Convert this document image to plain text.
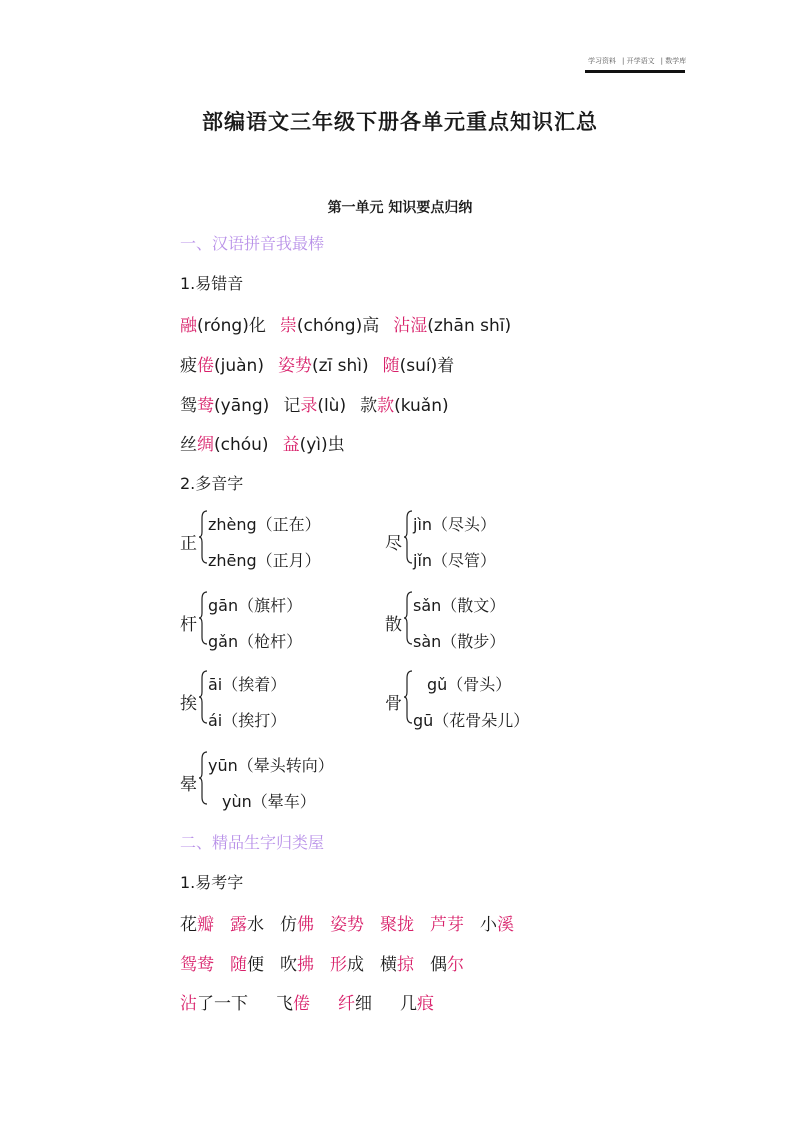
学习资料 | 开学语文 | 数学库
部编语文三年级下册各单元重点知识汇总
第一单元 知识要点归纳
一、汉语拼音我最棒
1.易错音
融(róng)化 崇(chóng)高 沾湿(zhān shī)
疲倦(juàn) 姿势(zī shì) 随(suí)着
鸳鸯(yāng) 记录(lù) 款款(kuǎn)
丝绸(chóu) 益(yì)虫
2.多音字
正
zhèng（正在）
zhēng（正月）
尽
jìn（尽头）
jǐn（尽管）
杆
gān（旗杆）
gǎn（枪杆）
散
sǎn（散文）
sàn（散步）
挨
āi（挨着）
ái（挨打）
骨
gǔ（骨头）
gū（花骨朵儿）
晕
yūn（晕头转向）
yùn（晕车）
二、精品生字归类屋
1.易考字
花瓣 露水 仿佛 姿势 聚拢 芦芽 小溪
鸳鸯 随便 吹拂 形成 横掠 偶尔
沾了一下 飞倦 纤细 几痕
